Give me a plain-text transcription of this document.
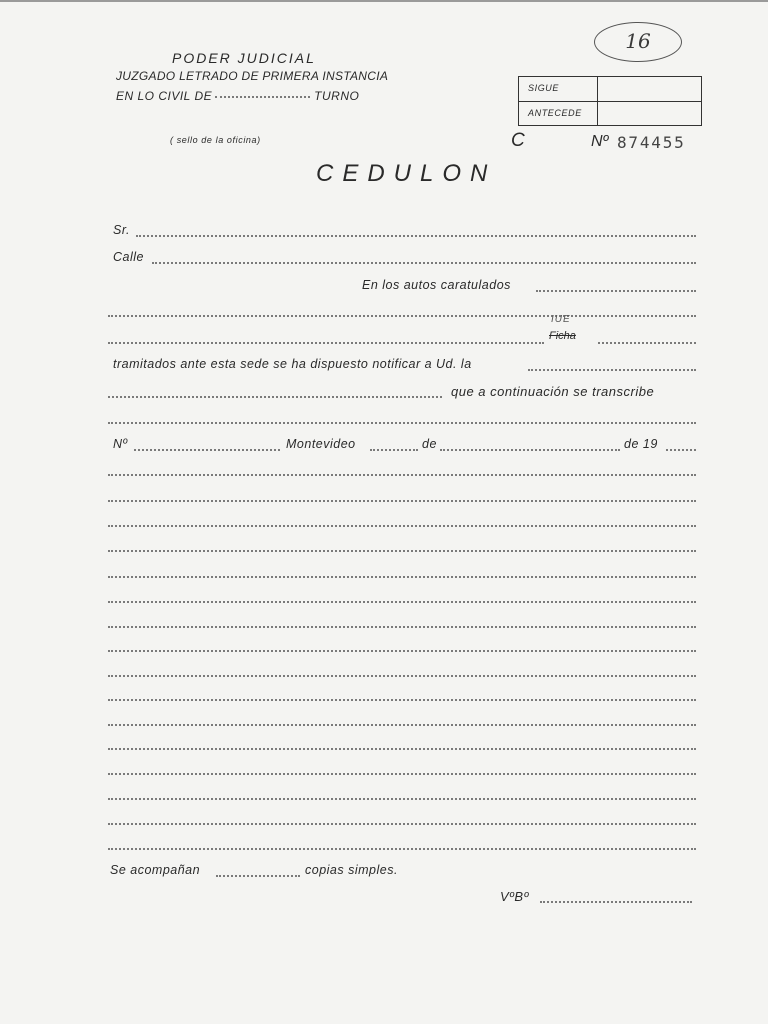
PODER JUDICIAL
JUZGADO LETRADO DE PRIMERA INSTANCIA
EN LO CIVIL DE	TURNO
( sello de la oficina)
16
SIGUE
ANTECEDE
C	Nº 874455
CEDULON
Sr.
Calle
En los autos caratulados
IUE
Ficha
tramitados ante esta sede se ha dispuesto notificar a Ud. la
que a continuación se transcribe
Nº	Montevideo	de	de 19
Se acompañan	copias simples.
VºBº
